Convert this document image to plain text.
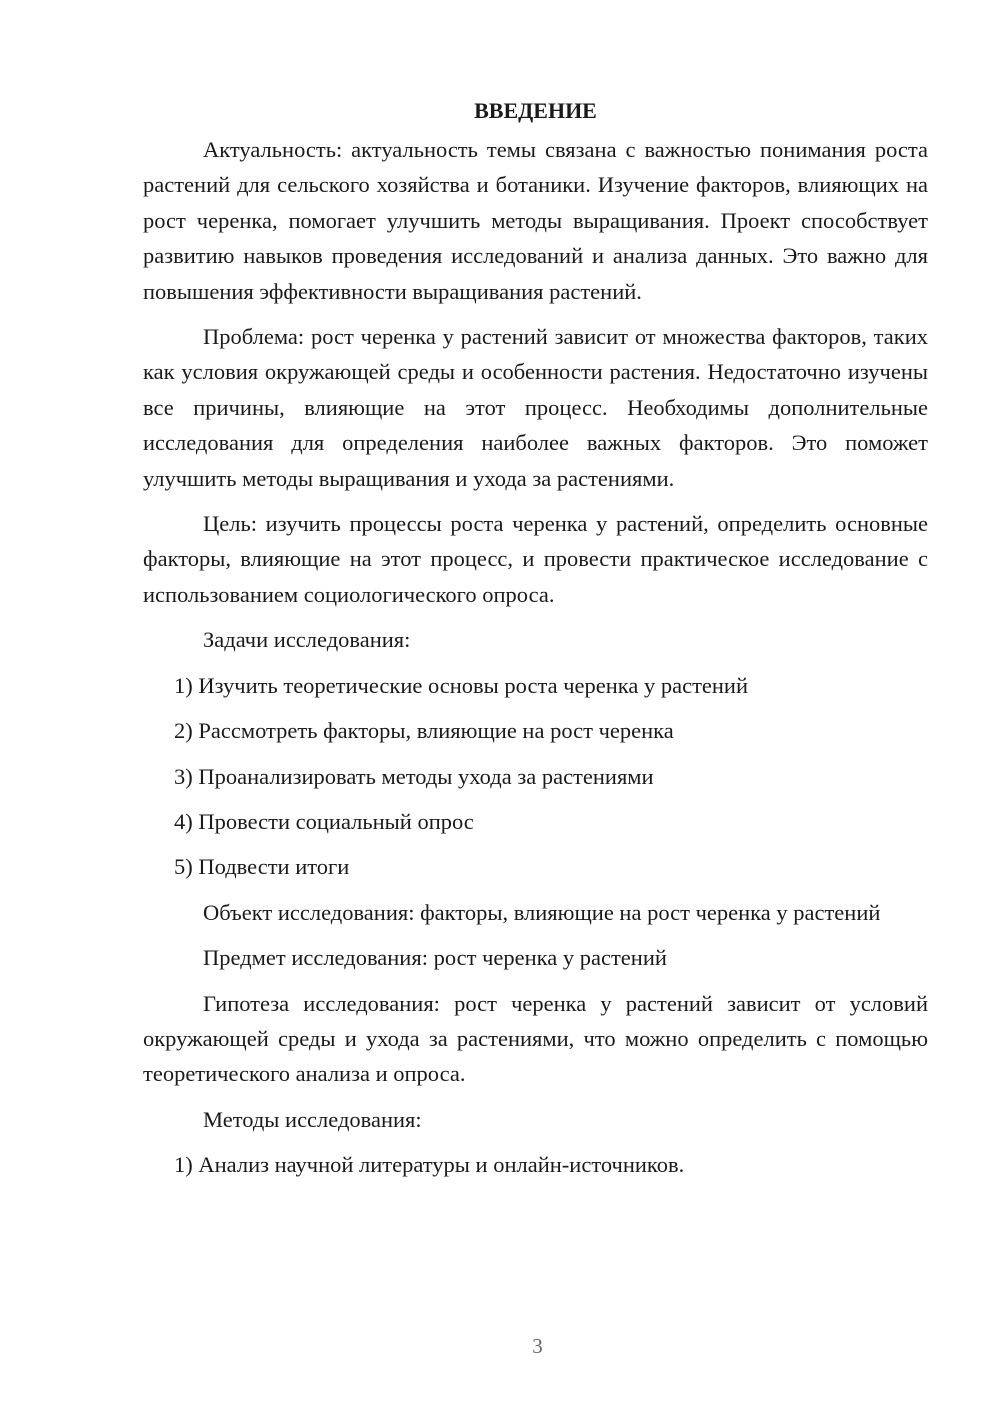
ВВЕДЕНИЕ

Актуальность: актуальность темы связана с важностью понимания роста растений для сельского хозяйства и ботаники. Изучение факторов, влияющих на рост черенка, помогает улучшить методы выращивания. Проект способствует развитию навыков проведения исследований и анализа данных. Это важно для повышения эффективности выращивания растений.

Проблема: рост черенка у растений зависит от множества факторов, таких как условия окружающей среды и особенности растения. Недостаточно изучены все причины, влияющие на этот процесс. Необходимы дополнительные исследования для определения наиболее важных факторов. Это поможет улучшить методы выращивания и ухода за растениями.

Цель: изучить процессы роста черенка у растений, определить основные факторы, влияющие на этот процесс, и провести практическое исследование с использованием социологического опроса.

Задачи исследования:

1) Изучить теоретические основы роста черенка у растений
2) Рассмотреть факторы, влияющие на рост черенка
3) Проанализировать методы ухода за растениями
4) Провести социальный опрос
5) Подвести итоги

Объект исследования: факторы, влияющие на рост черенка у растений

Предмет исследования: рост черенка у растений

Гипотеза исследования: рост черенка у растений зависит от условий окружающей среды и ухода за растениями, что можно определить с помощью теоретического анализа и опроса.

Методы исследования:

1) Анализ научной литературы и онлайн-источников.
3
